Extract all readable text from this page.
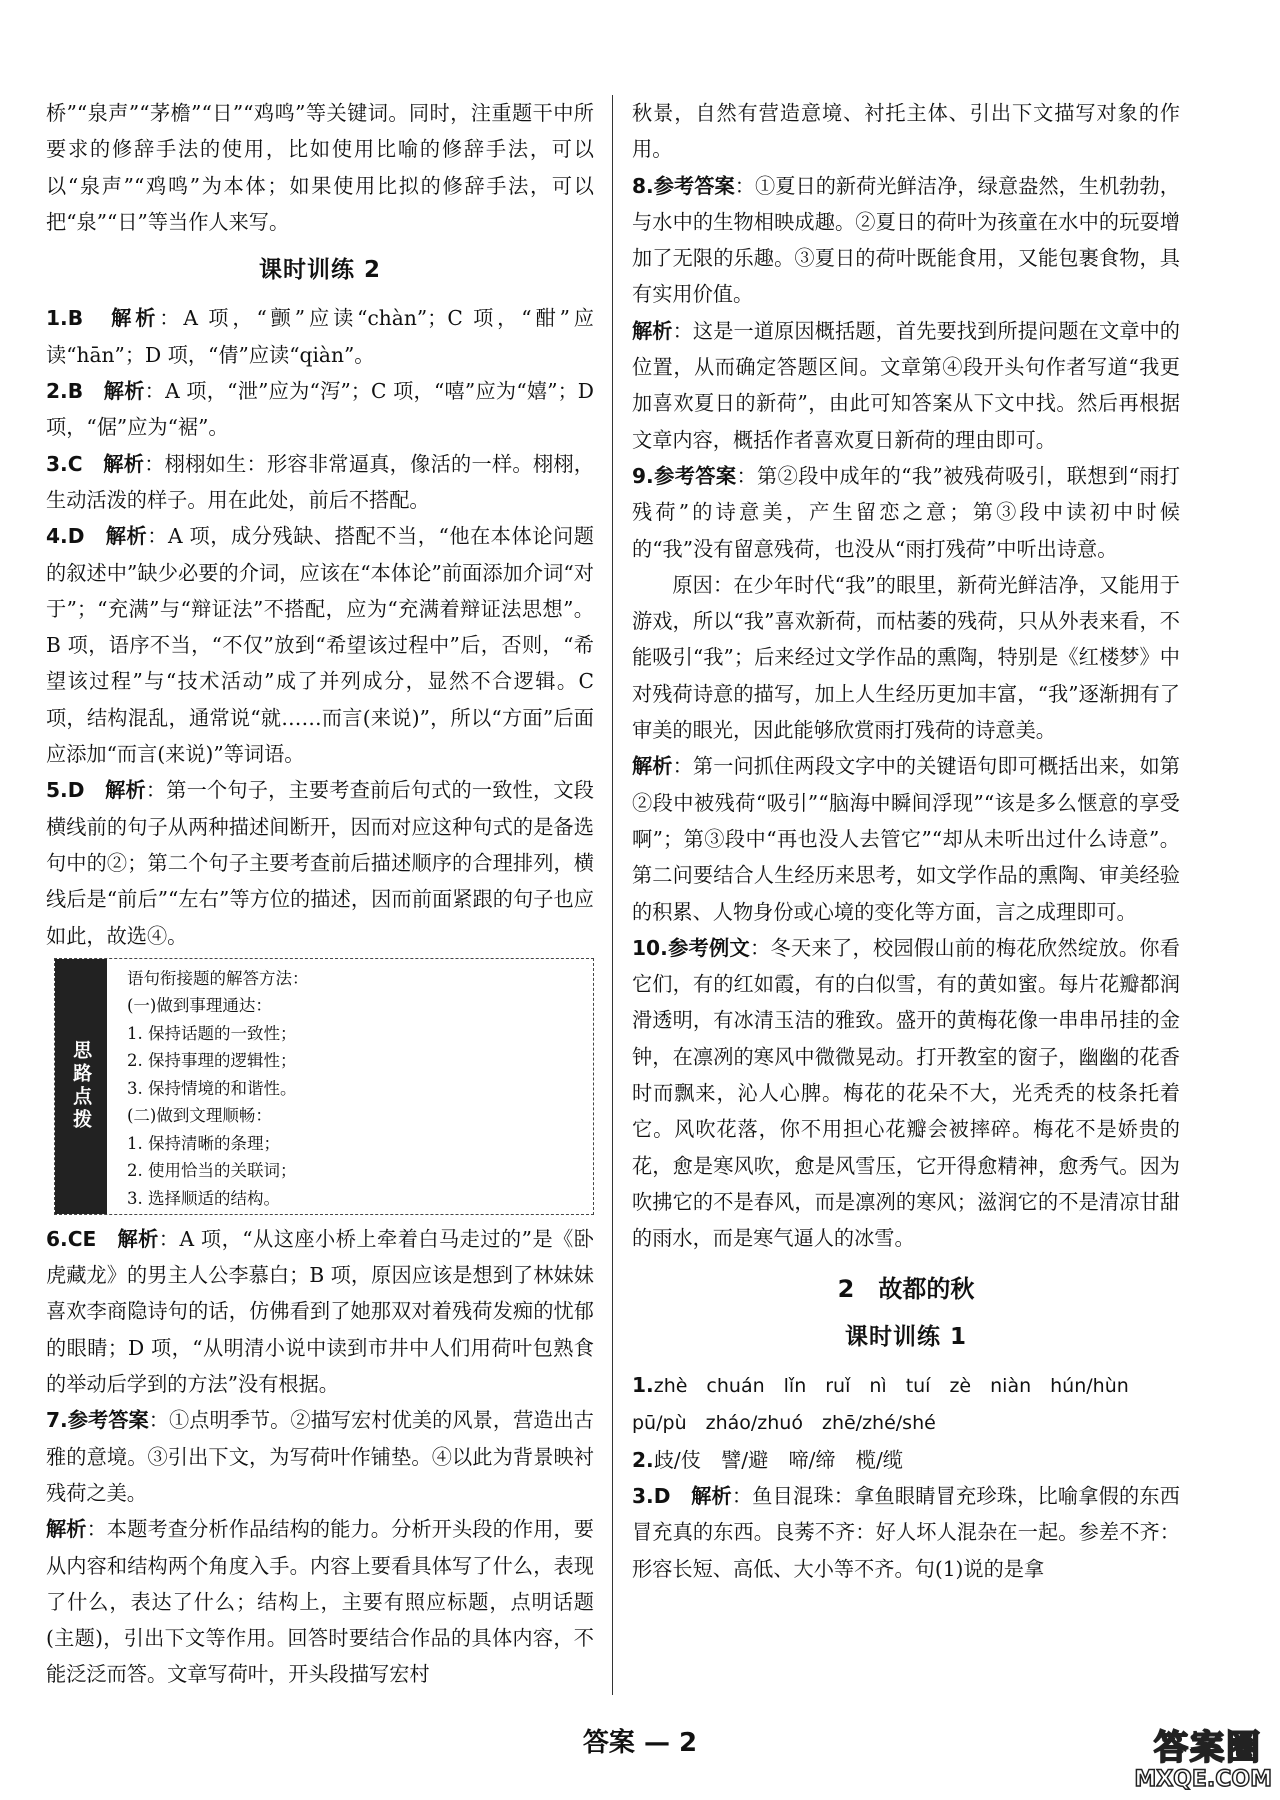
桥”“泉声”“茅檐”“日”“鸡鸣”等关键词。同时，注重题干中所要求的修辞手法的使用，比如使用比喻的修辞手法，可以以“泉声”“鸡鸣”为本体；如果使用比拟的修辞手法，可以把“泉”“日”等当作人来写。

课时训练 2

1.B　 解析：A 项，“颤”应读“chàn”；C 项，“酣”应读“hān”；D 项，“倩”应读“qiàn”。

2.B　 解析：A 项，“泄”应为“泻”；C 项，“嘻”应为“嬉”；D 项，“倨”应为“裾”。

3.C　 解析：栩栩如生：形容非常逼真，像活的一样。栩栩，生动活泼的样子。用在此处，前后不搭配。

4.D　 解析：A 项，成分残缺、搭配不当，“他在本体论问题的叙述中”缺少必要的介词，应该在“本体论”前面添加介词“对于”；“充满”与“辩证法”不搭配，应为“充满着辩证法思想”。B 项，语序不当，“不仅”放到“希望该过程中”后，否则，“希望该过程”与“技术活动”成了并列成分，显然不合逻辑。C 项，结构混乱，通常说“就……而言(来说)”，所以“方面”后面应添加“而言(来说)”等词语。

5.D　 解析：第一个句子，主要考查前后句式的一致性，文段横线前的句子从两种描述间断开，因而对应这种句式的是备选句中的②；第二个句子主要考查前后描述顺序的合理排列，横线后是“前后”“左右”等方位的描述，因而前面紧跟的句子也应如此，故选④。

思路点拨
语句衔接题的解答方法：
(一)做到事理通达：
1. 保持话题的一致性；
2. 保持事理的逻辑性；
3. 保持情境的和谐性。
(二)做到文理顺畅：
1. 保持清晰的条理；
2. 使用恰当的关联词；
3. 选择顺适的结构。

6.CE　 解析：A 项，“从这座小桥上牵着白马走过的”是《卧虎藏龙》的男主人公李慕白；B 项，原因应该是想到了林妹妹喜欢李商隐诗句的话，仿佛看到了她那双对着残荷发痴的忧郁的眼睛；D 项，“从明清小说中读到市井中人们用荷叶包熟食的举动后学到的方法”没有根据。

7.参考答案：①点明季节。②描写宏村优美的风景，营造出古雅的意境。③引出下文，为写荷叶作铺垫。④以此为背景映衬残荷之美。

解析：本题考查分析作品结构的能力。分析开头段的作用，要从内容和结构两个角度入手。内容上要看具体写了什么，表现了什么，表达了什么；结构上，主要有照应标题，点明话题(主题)，引出下文等作用。回答时要结合作品的具体内容，不能泛泛而答。文章写荷叶，开头段描写宏村

秋景，自然有营造意境、衬托主体、引出下文描写对象的作用。

8.参考答案：①夏日的新荷光鲜洁净，绿意盎然，生机勃勃，与水中的生物相映成趣。②夏日的荷叶为孩童在水中的玩耍增加了无限的乐趣。③夏日的荷叶既能食用，又能包裹食物，具有实用价值。

解析：这是一道原因概括题，首先要找到所提问题在文章中的位置，从而确定答题区间。文章第④段开头句作者写道“我更加喜欢夏日的新荷”，由此可知答案从下文中找。然后再根据文章内容，概括作者喜欢夏日新荷的理由即可。

9.参考答案：第②段中成年的“我”被残荷吸引，联想到“雨打残荷”的诗意美，产生留恋之意；第③段中读初中时候的“我”没有留意残荷，也没从“雨打残荷”中听出诗意。

原因：在少年时代“我”的眼里，新荷光鲜洁净，又能用于游戏，所以“我”喜欢新荷，而枯萎的残荷，只从外表来看，不能吸引“我”；后来经过文学作品的熏陶，特别是《红楼梦》中对残荷诗意的描写，加上人生经历更加丰富，“我”逐渐拥有了审美的眼光，因此能够欣赏雨打残荷的诗意美。

解析：第一问抓住两段文字中的关键语句即可概括出来，如第②段中被残荷“吸引”“脑海中瞬间浮现”“该是多么惬意的享受啊”；第③段中“再也没人去管它”“却从未听出过什么诗意”。第二问要结合人生经历来思考，如文学作品的熏陶、审美经验的积累、人物身份或心境的变化等方面，言之成理即可。

10.参考例文：冬天来了，校园假山前的梅花欣然绽放。你看它们，有的红如霞，有的白似雪，有的黄如蜜。每片花瓣都润滑透明，有冰清玉洁的雅致。盛开的黄梅花像一串串吊挂的金钟，在凛冽的寒风中微微晃动。打开教室的窗子，幽幽的花香时而飘来，沁人心脾。梅花的花朵不大，光秃秃的枝条托着它。风吹花落，你不用担心花瓣会被摔碎。梅花不是娇贵的花，愈是寒风吹，愈是风雪压，它开得愈精神，愈秀气。因为吹拂它的不是春风，而是凛冽的寒风；滋润它的不是清凉甘甜的雨水，而是寒气逼人的冰雪。

2　故都的秋
课时训练 1

1.zhè　chuán　lǐn　ruǐ　nì　tuí　zè　niàn　hún/hùn

pū/pù　zháo/zhuó　zhē/zhé/shé

2.歧/伎　譬/避　啼/缔　榄/缆

3.D　 解析：鱼目混珠：拿鱼眼睛冒充珍珠，比喻拿假的东西冒充真的东西。良莠不齐：好人坏人混杂在一起。参差不齐：形容长短、高低、大小等不齐。句(1)说的是拿

答案 — 2	答案圈
MXQE.COM
